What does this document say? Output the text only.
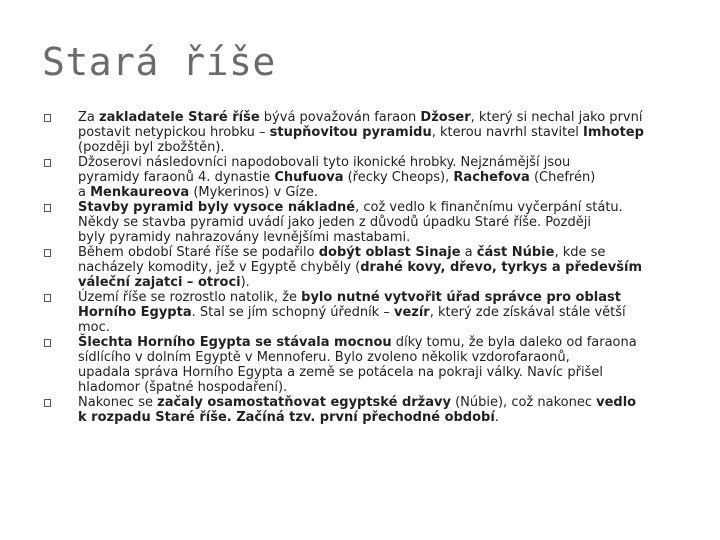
Stará říše
Za zakladatele Staré říše bývá považován faraon Džoser, který si nechal jako první
postavit netypickou hrobku – stupňovitou pyramidu, kterou navrhl stavitel Imhotep
(později byl zbožštěn).
Džoserovi následovníci napodobovali tyto ikonické hrobky. Nejznámější jsou
pyramidy faraonů 4. dynastie Chufuova (řecky Cheops), Rachefova (Chefrén)
a Menkaureova (Mykerinos) v Gíze.
Stavby pyramid byly vysoce nákladné, což vedlo k finančnímu vyčerpání státu.
Někdy se stavba pyramid uvádí jako jeden z důvodů úpadku Staré říše. Později
byly pyramidy nahrazovány levnějšími mastabami.
Během období Staré říše se podařilo dobýt oblast Sinaje a část Núbie, kde se
nacházely komodity, jež v Egyptě chyběly (drahé kovy, dřevo, tyrkys a především
váleční zajatci – otroci).
Území říše se rozrostlo natolik, že bylo nutné vytvořit úřad správce pro oblast
Horního Egypta. Stal se jím schopný úředník – vezír, který zde získával stále větší
moc.
Šlechta Horního Egypta se stávala mocnou díky tomu, že byla daleko od faraona
sídlícího v dolním Egyptě v Mennoferu. Bylo zvoleno několik vzdorofaraonů,
upadala správa Horního Egypta a země se potácela na pokraji války. Navíc přišel
hladomor (špatné hospodaření).
Nakonec se začaly osamostatňovat egyptské državy (Núbie), což nakonec vedlo
k rozpadu Staré říše. Začíná tzv. první přechodné období.
